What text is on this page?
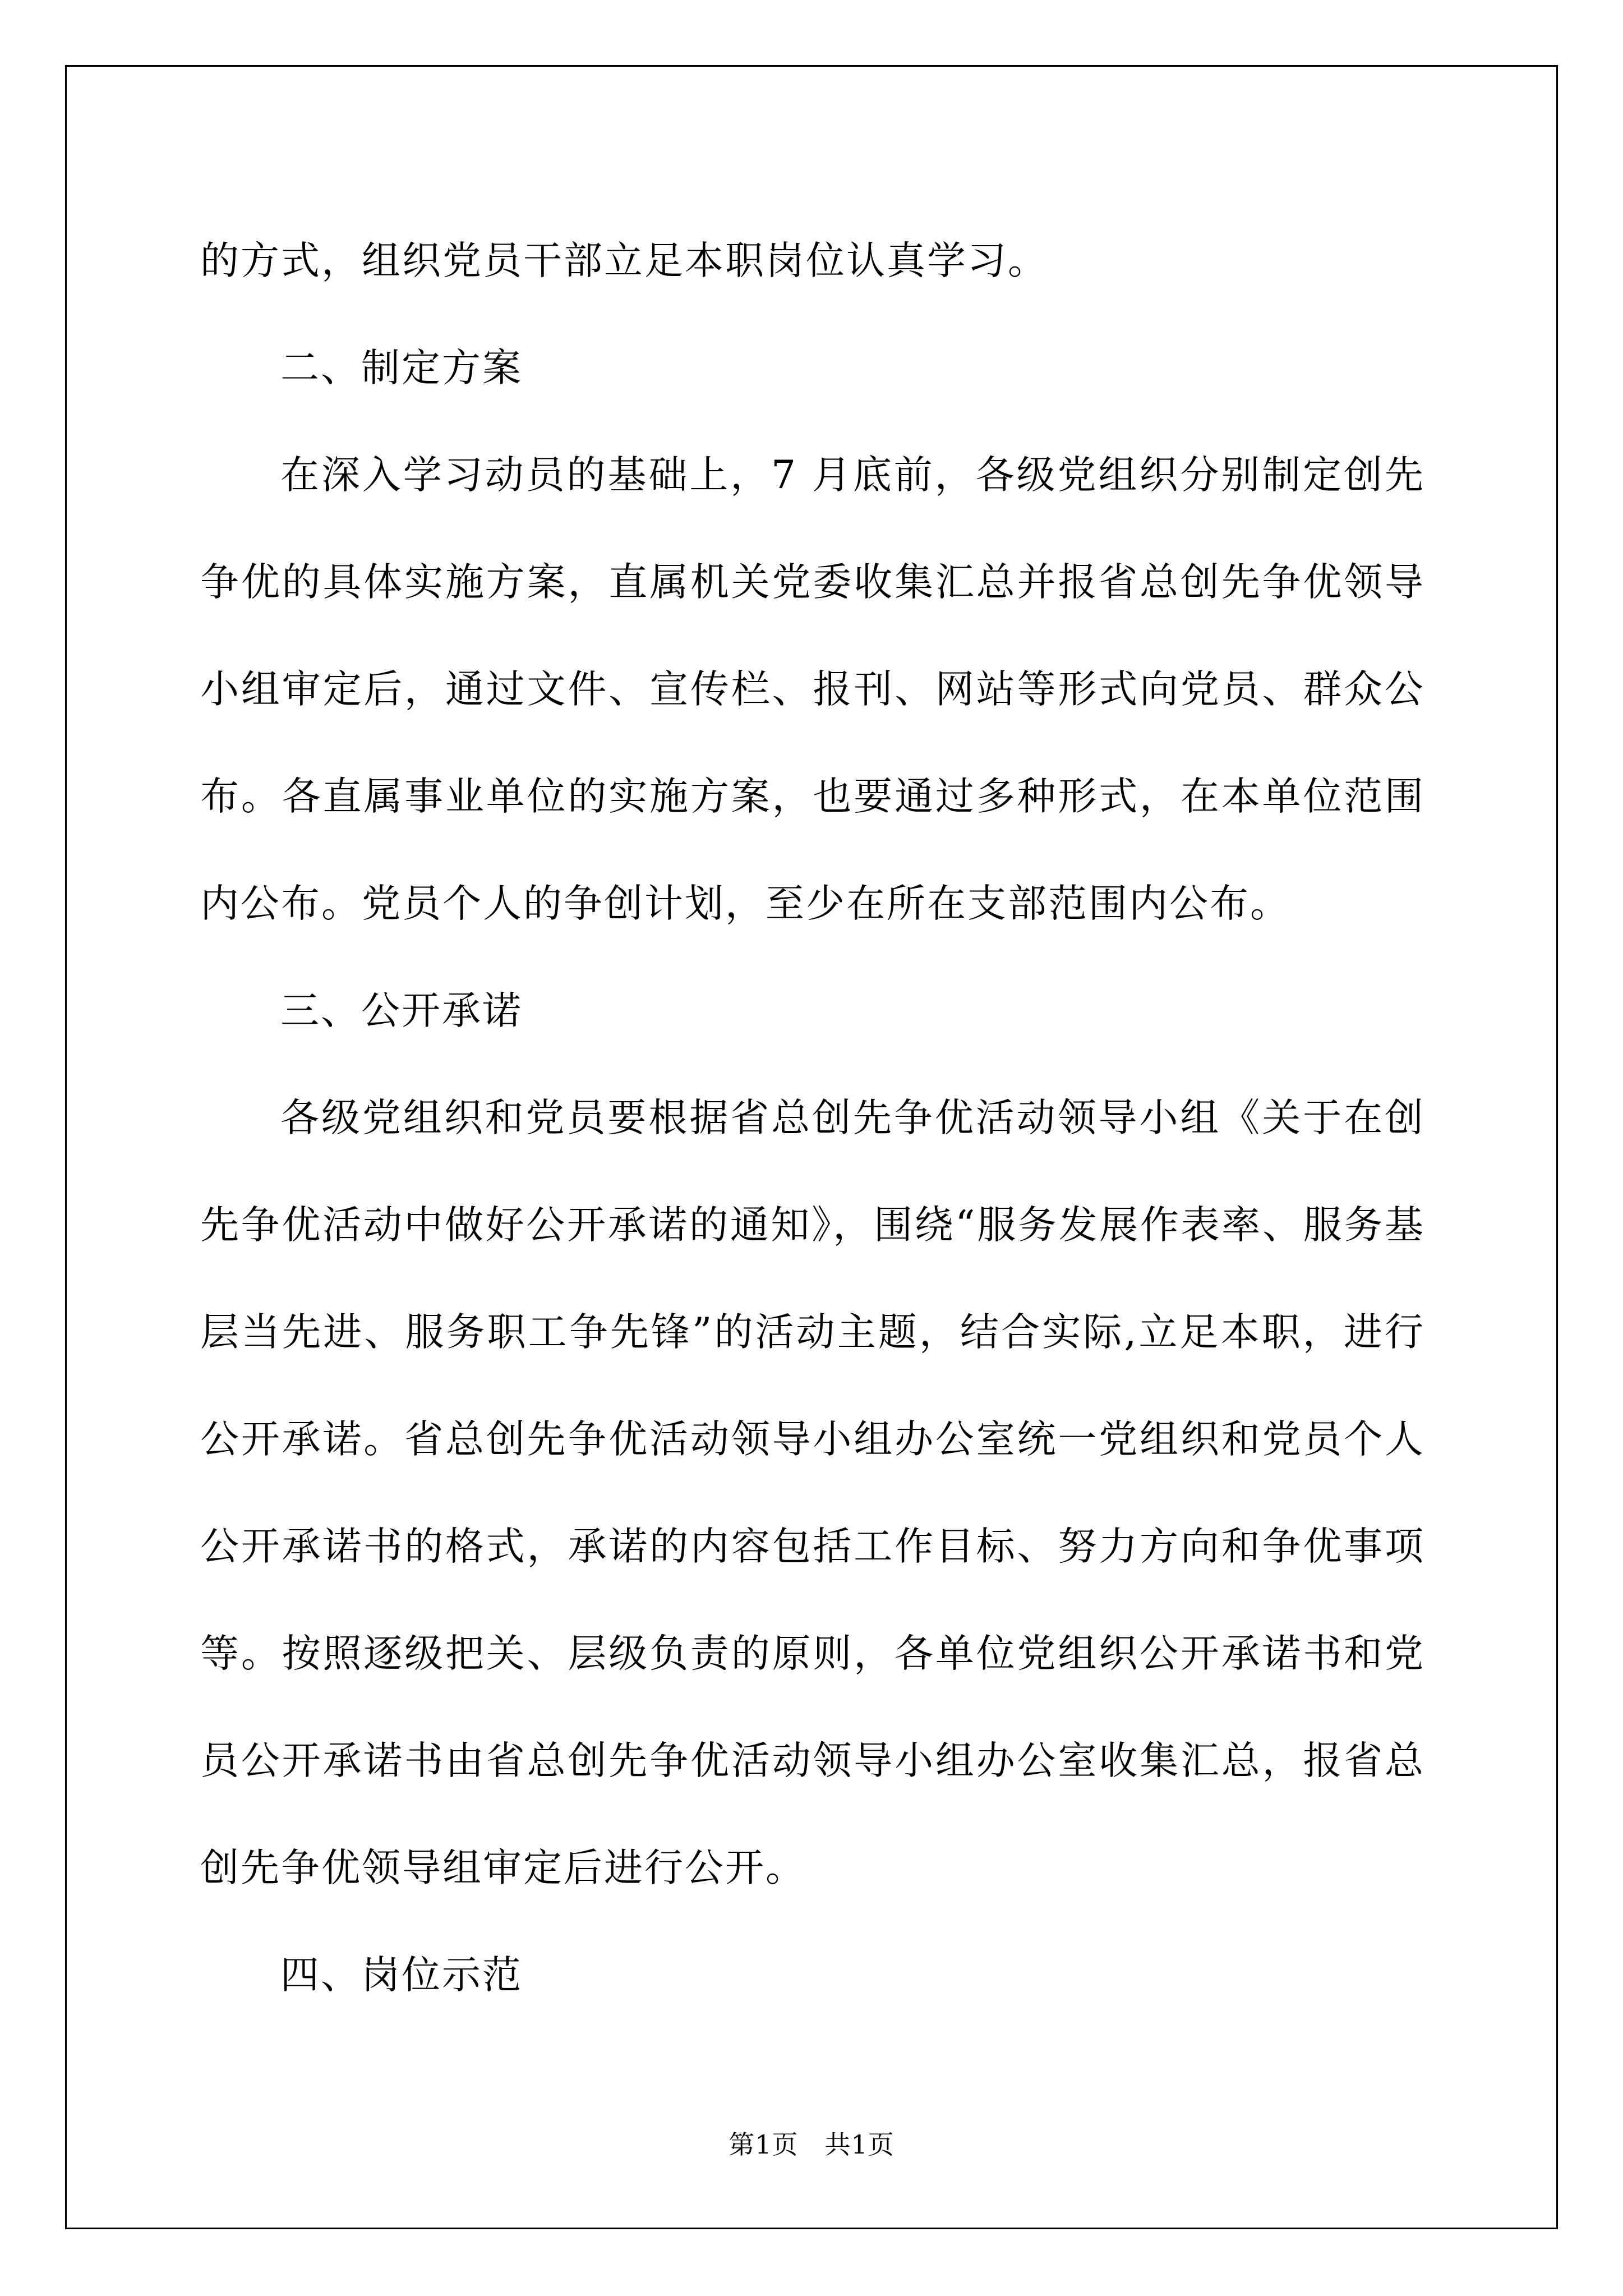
的方式，组织党员干部立足本职岗位认真学习。
二、制定方案
在深入学习动员的基础上，7 月底前，各级党组织分别制定创先
争优的具体实施方案，直属机关党委收集汇总并报省总创先争优领导
小组审定后，通过文件、宣传栏、报刊、网站等形式向党员、群众公
布。各直属事业单位的实施方案，也要通过多种形式，在本单位范围
内公布。党员个人的争创计划，至少在所在支部范围内公布。
三、公开承诺
各级党组织和党员要根据省总创先争优活动领导小组《关于在创
先争优活动中做好公开承诺的通知》，围绕“服务发展作表率、服务基
层当先进、服务职工争先锋”的活动主题，结合实际,立足本职，进行
公开承诺。省总创先争优活动领导小组办公室统一党组织和党员个人
公开承诺书的格式，承诺的内容包括工作目标、努力方向和争优事项
等。按照逐级把关、层级负责的原则，各单位党组织公开承诺书和党
员公开承诺书由省总创先争优活动领导小组办公室收集汇总，报省总
创先争优领导组审定后进行公开。
四、岗位示范
第1页　共1页
